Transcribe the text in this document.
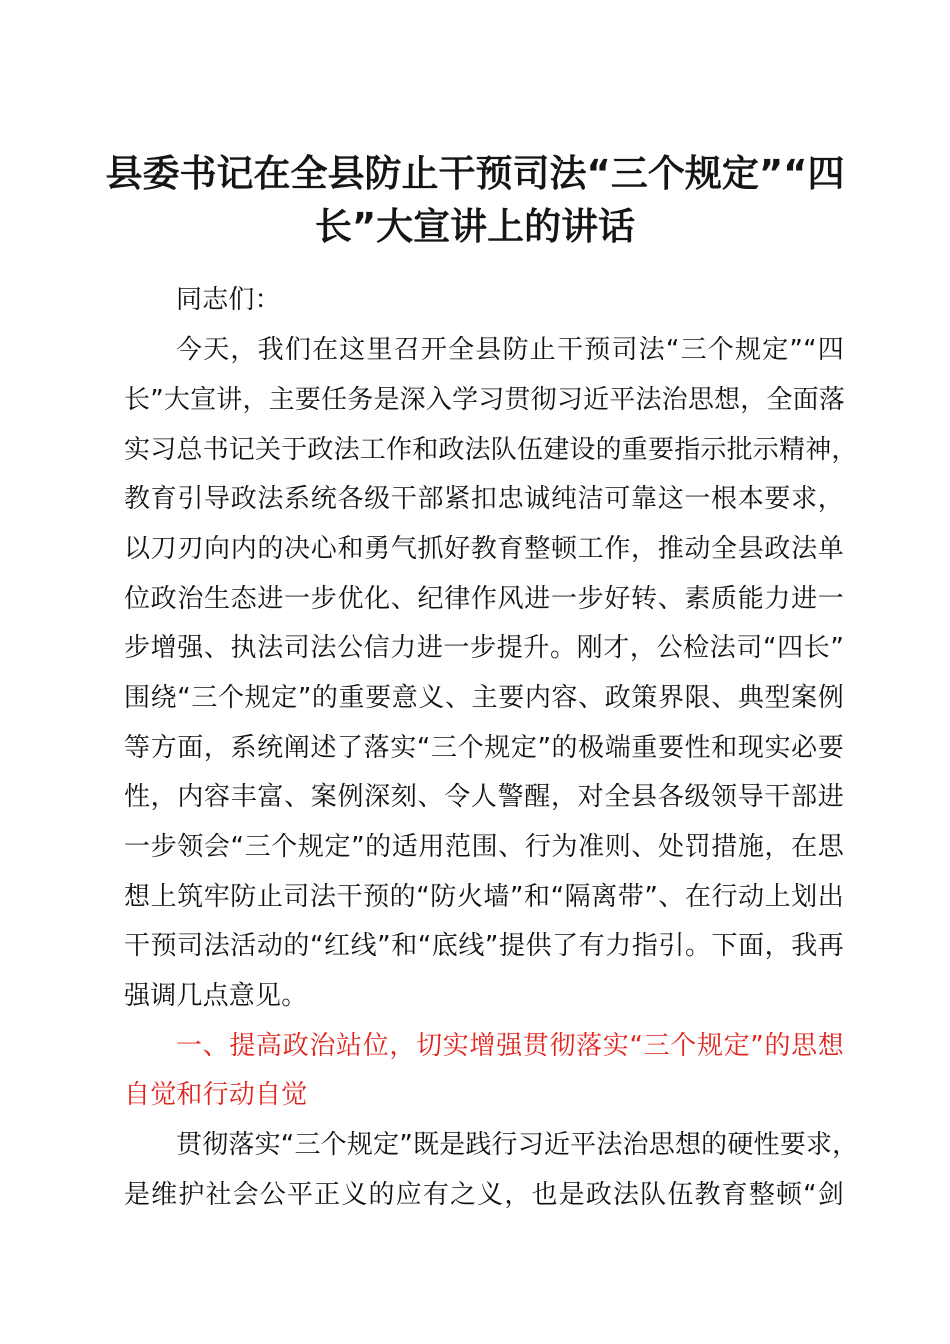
县委书记在全县防止干预司法“三个规定”“四
长”大宣讲上的讲话
同志们：
今天，我们在这里召开全县防止干预司法“三个规定”“四
长”大宣讲，主要任务是深入学习贯彻习近平法治思想，全面落
实习总书记关于政法工作和政法队伍建设的重要指示批示精神，
教育引导政法系统各级干部紧扣忠诚纯洁可靠这一根本要求，
以刀刃向内的决心和勇气抓好教育整顿工作，推动全县政法单
位政治生态进一步优化、纪律作风进一步好转、素质能力进一
步增强、执法司法公信力进一步提升。刚才，公检法司“四长”
围绕“三个规定”的重要意义、主要内容、政策界限、典型案例
等方面，系统阐述了落实“三个规定”的极端重要性和现实必要
性，内容丰富、案例深刻、令人警醒，对全县各级领导干部进
一步领会“三个规定”的适用范围、行为准则、处罚措施，在思
想上筑牢防止司法干预的“防火墙”和“隔离带”、在行动上划出
干预司法活动的“红线”和“底线”提供了有力指引。下面，我再
强调几点意见。
一、提高政治站位，切实增强贯彻落实“三个规定”的思想
自觉和行动自觉
贯彻落实“三个规定”既是践行习近平法治思想的硬性要求，
是维护社会公平正义的应有之义，也是政法队伍教育整顿“剑
